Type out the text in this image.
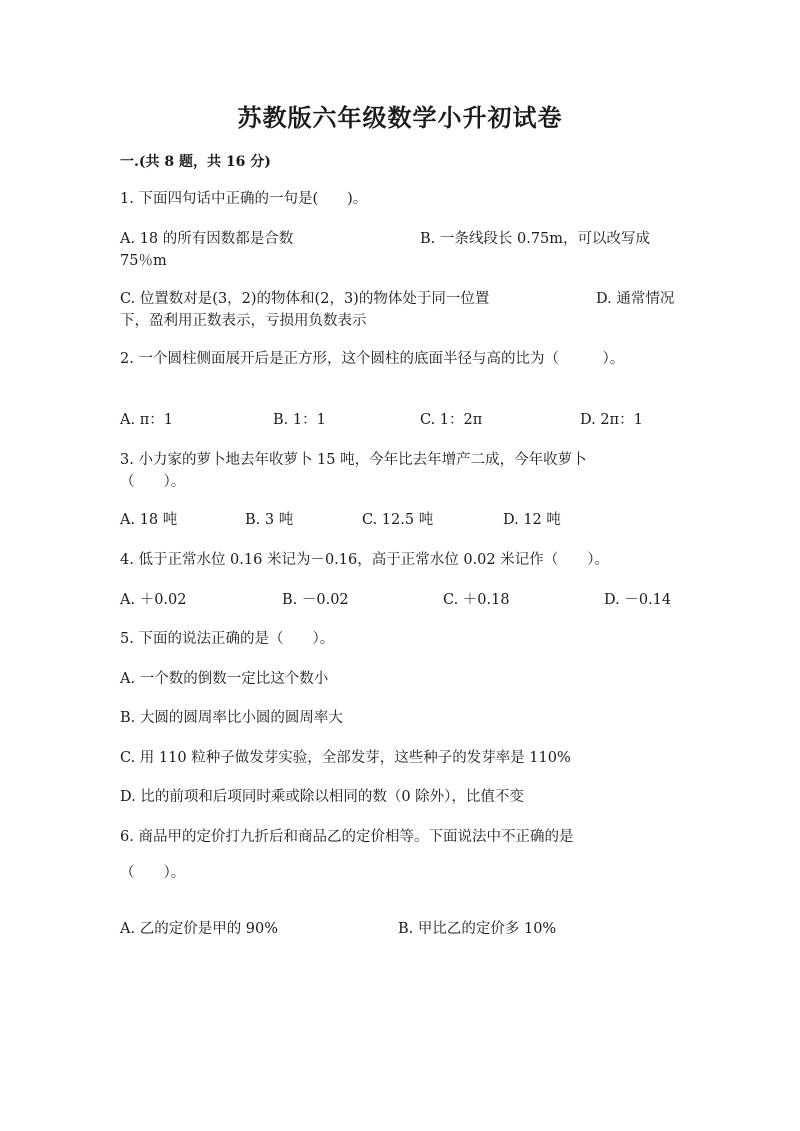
苏教版六年级数学小升初试卷
一.(共 8 题，共 16 分)
1. 下面四句话中正确的一句是(　　)。
A. 18 的所有因数都是合数	B. 一条线段长 0.75m，可以改写成
75％m
C. 位置数对是(3，2)的物体和(2，3)的物体处于同一位置	D. 通常情况
下，盈利用正数表示，亏损用负数表示
2. 一个圆柱侧面展开后是正方形，这个圆柱的底面半径与高的比为（　　　）。
A. π：1	B. 1：1	C. 1：2π	D. 2π：1
3. 小力家的萝卜地去年收萝卜 15 吨，今年比去年增产二成，今年收萝卜
（　　）。
A. 18 吨	B. 3 吨	C. 12.5 吨	D. 12 吨
4. 低于正常水位 0.16 米记为－0.16，高于正常水位 0.02 米记作（　　）。
A. ＋0.02	B. －0.02	C. ＋0.18	D. －0.14
5. 下面的说法正确的是（　　）。
A. 一个数的倒数一定比这个数小
B. 大圆的圆周率比小圆的圆周率大
C. 用 110 粒种子做发芽实验，全部发芽，这些种子的发芽率是 110%
D. 比的前项和后项同时乘或除以相同的数（0 除外），比值不变
6. 商品甲的定价打九折后和商品乙的定价相等。下面说法中不正确的是
（　　）。
A. 乙的定价是甲的 90%	B. 甲比乙的定价多 10%
